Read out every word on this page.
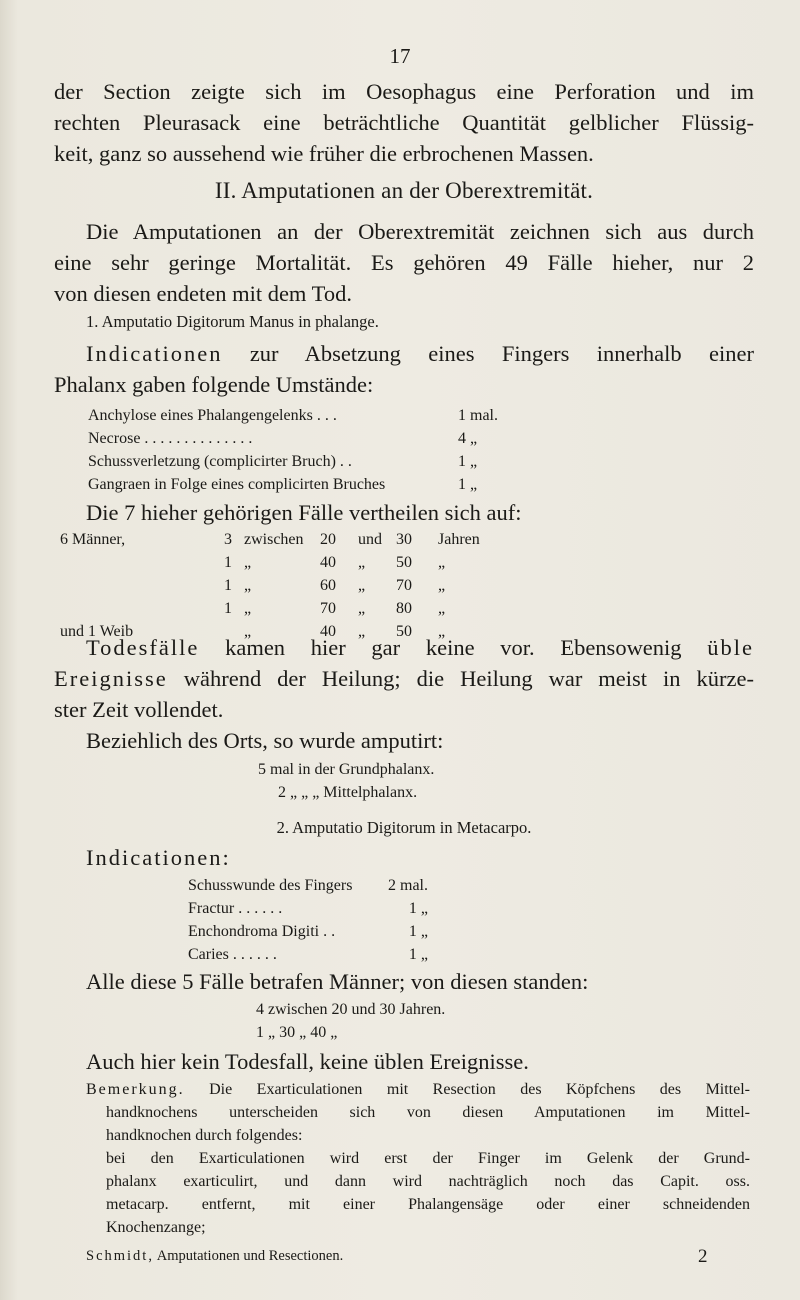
17
der Section zeigte sich im Oesophagus eine Perforation und im
rechten Pleurasack eine beträchtliche Quantität gelblicher Flüssig-
keit, ganz so aussehend wie früher die erbrochenen Massen.
II. Amputationen an der Oberextremität.
Die Amputationen an der Oberextremität zeichnen sich aus durch
eine sehr geringe Mortalität. Es gehören 49 Fälle hieher, nur 2
von diesen endeten mit dem Tod.
1. Amputatio Digitorum Manus in phalange.
Indicationen zur Absetzung eines Fingers innerhalb einer
Phalanx gaben folgende Umstände:
Anchylose eines Phalangengelenks . . .	1 mal.
Necrose . . . . . . . . . . . . . .	4 „
Schussverletzung (complicirter Bruch) . .	1 „
Gangraen in Folge eines complicirten Bruches	1 „
Die 7 hieher gehörigen Fälle vertheilen sich auf:
6 Männer,	3	zwischen	20	und	30	Jahren
	1	„	40	„	50	„
	1	„	60	„	70	„
	1	„	70	„	80	„
und 1 Weib		„	40	„	50	„
Todesfälle kamen hier gar keine vor. Ebensowenig üble
Ereignisse während der Heilung; die Heilung war meist in kürze-
ster Zeit vollendet.
Beziehlich des Orts, so wurde amputirt:
5 mal in der Grundphalanx.
2 „ „ „ Mittelphalanx.
2. Amputatio Digitorum in Metacarpo.
Indicationen:
Schusswunde des Fingers	2 mal.
Fractur . . . . . .	1 „
Enchondroma Digiti . .	1 „
Caries . . . . . .	1 „
Alle diese 5 Fälle betrafen Männer; von diesen standen:
4 zwischen 20 und 30 Jahren.
1 „ 30 „ 40 „
Auch hier kein Todesfall, keine üblen Ereignisse.
Bemerkung. Die Exarticulationen mit Resection des Köpfchens des Mittel-
handknochens unterscheiden sich von diesen Amputationen im Mittel-
handknochen durch folgendes:
bei den Exarticulationen wird erst der Finger im Gelenk der Grund-
phalanx exarticulirt, und dann wird nachträglich noch das Capit. oss.
metacarp. entfernt, mit einer Phalangensäge oder einer schneidenden
Knochenzange;
Schmidt, Amputationen und Resectionen.	2
